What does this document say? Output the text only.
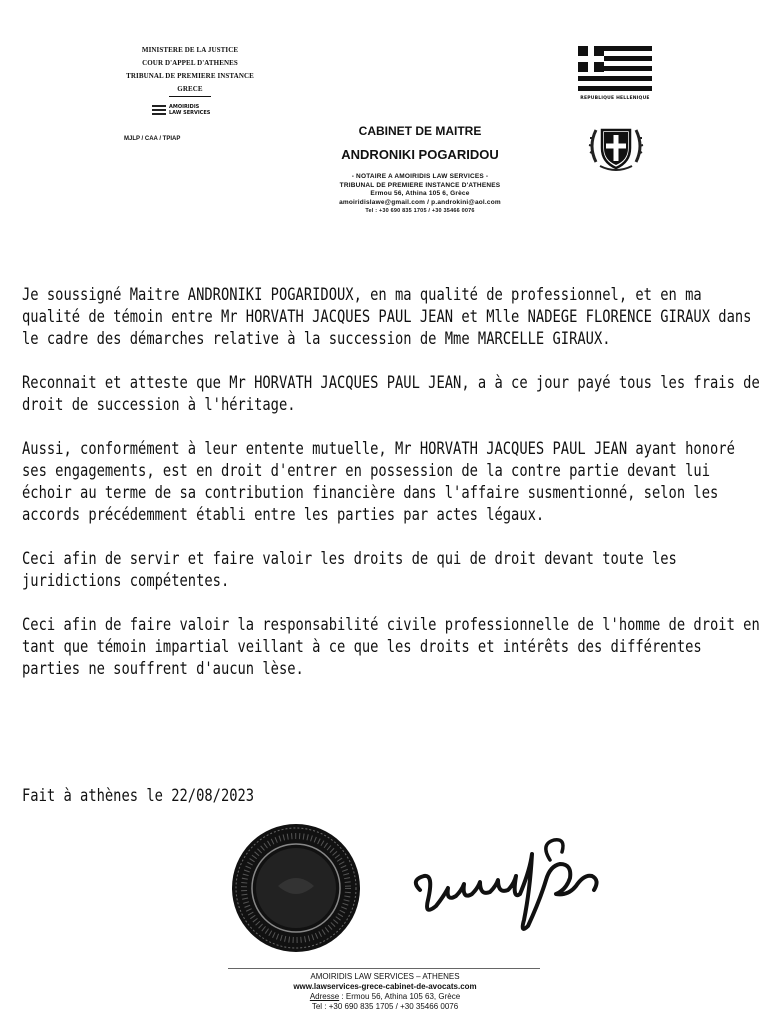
MINISTERE DE LA JUSTICE
COUR D'APPEL D'ATHENES
TRIBUNAL DE PREMIERE INSTANCE
GRECE
AMOIRIDIS
LAW SERVICES
MJLP / CAA / TPIAP
REPUBLIQUE HELLENIQUE
CABINET DE MAITRE
ANDRONIKI POGARIDOU
- NOTAIRE A AMOIRIDIS LAW SERVICES -
TRIBUNAL DE PREMIERE INSTANCE D'ATHENES
Ermou 56, Athina 105 6, Grèce
amoiridislawe@gmail.com / p.androkini@aol.com
Tel : +30 690 835 1705 / +30 35466 0076

Je soussigné Maitre ANDRONIKI POGARIDOUX, en ma qualité de professionnel, et en ma qualité de témoin entre Mr HORVATH JACQUES PAUL JEAN et Mlle NADEGE FLORENCE GIRAUX dans le cadre des démarches relative à la succession de Mme MARCELLE GIRAUX.

Reconnait et atteste que Mr HORVATH JACQUES PAUL JEAN, a à ce jour payé tous les frais de droit de succession à l'héritage.

Aussi, conformément à leur entente mutuelle, Mr HORVATH JACQUES PAUL JEAN ayant honoré ses engagements, est en droit d'entrer en possession de la contre partie devant lui échoir au terme de sa contribution financière dans l'affaire susmentionné, selon les accords précédemment établi entre les parties par actes légaux.

Ceci afin de servir et faire valoir les droits de qui de droit devant toute les juridictions compétentes.

Ceci afin de faire valoir la responsabilité civile professionnelle de l'homme de droit en tant que témoin impartial veillant à ce que les droits et intérêts des différentes parties ne souffrent d'aucun lèse.

Fait à athènes le 22/08/2023
AMOIRIDIS LAW SERVICES – ATHENES
www.lawservices-grece-cabinet-de-avocats.com
Adresse : Ermou 56, Athina 105 63, Grèce
Tel : +30 690 835 1705 / +30 35466 0076
